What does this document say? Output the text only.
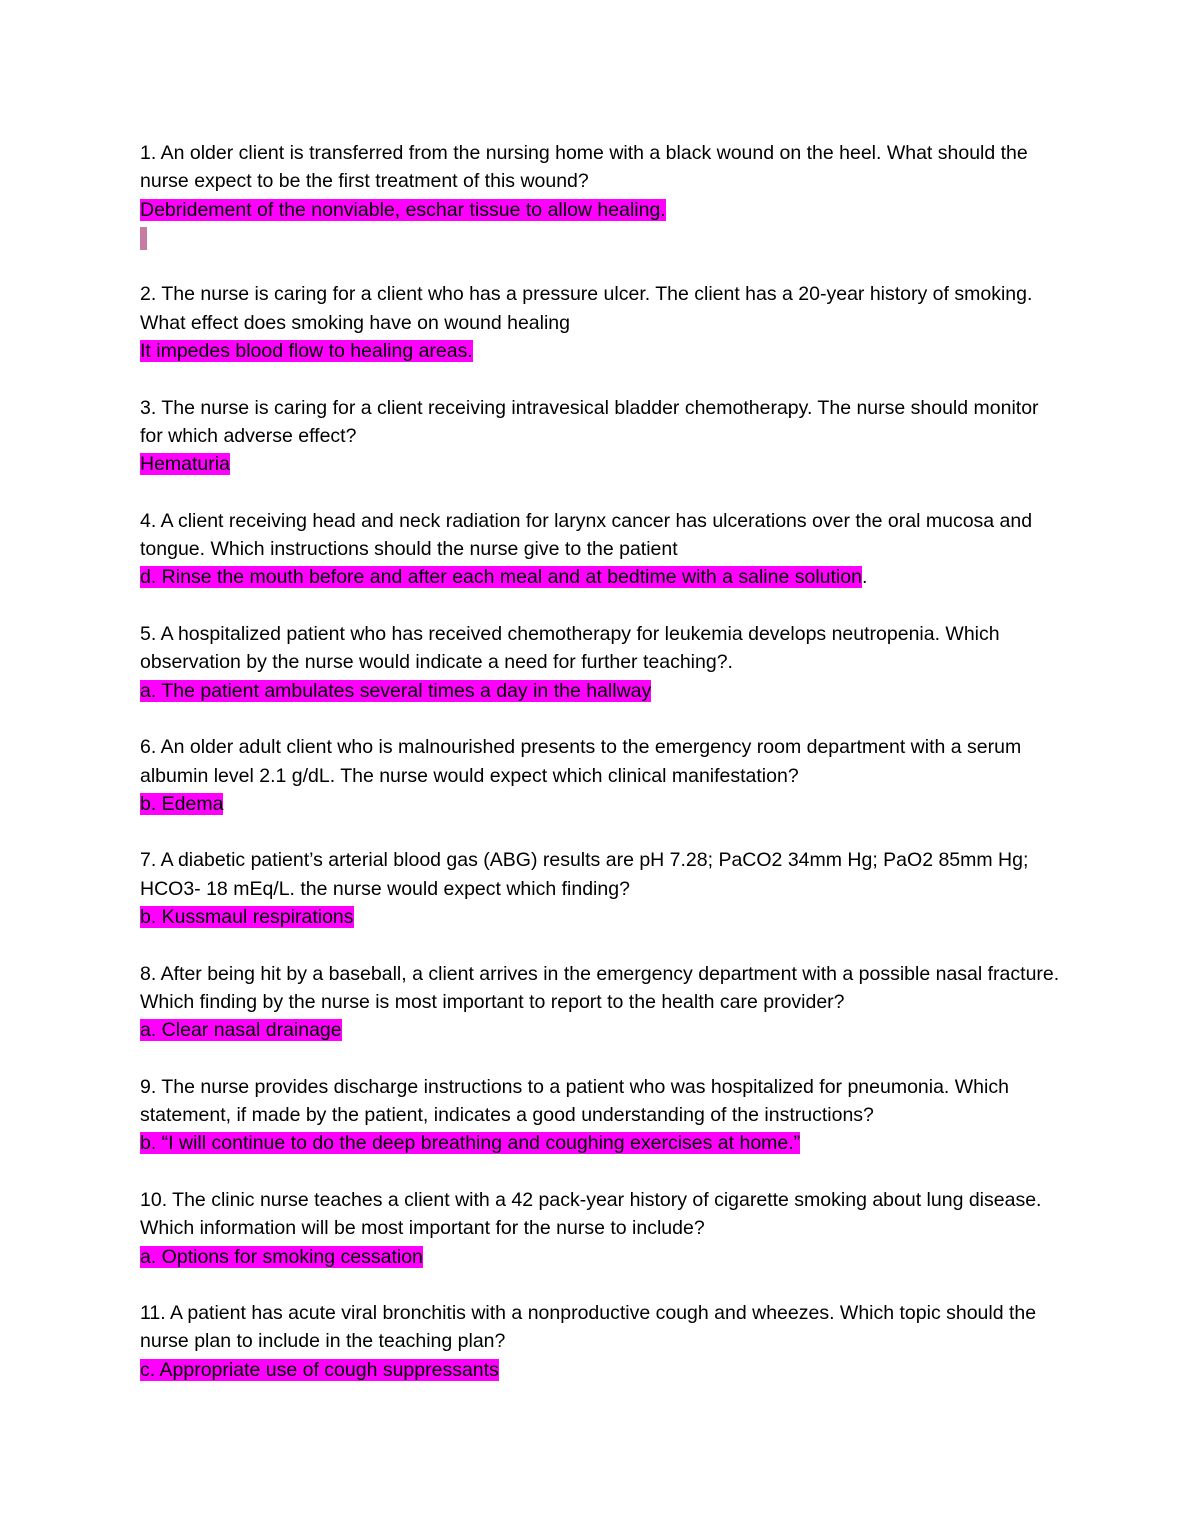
1. An older client is transferred from the nursing home with a black wound on the heel. What should the nurse expect to be the first treatment of this wound?

Debridement of the nonviable, eschar tissue to allow healing.

2. The nurse is caring for a client who has a pressure ulcer. The client has a 20-year history of smoking. What effect does smoking have on wound healing

It impedes blood flow to healing areas.

3. The nurse is caring for a client receiving intravesical bladder chemotherapy. The nurse should monitor for which adverse effect?

Hematuria

4. A client receiving head and neck radiation for larynx cancer has ulcerations over the oral mucosa and tongue. Which instructions should the nurse give to the patient

d. Rinse the mouth before and after each meal and at bedtime with a saline solution.

5. A hospitalized patient who has received chemotherapy for leukemia develops neutropenia. Which observation by the nurse would indicate a need for further teaching?.

a. The patient ambulates several times a day in the hallway

6. An older adult client who is malnourished presents to the emergency room department with a serum albumin level 2.1 g/dL. The nurse would expect which clinical manifestation?

b. Edema

7. A diabetic patient’s arterial blood gas (ABG) results are pH 7.28; PaCO2 34mm Hg; PaO2 85mm Hg; HCO3- 18 mEq/L. the nurse would expect which finding?

b. Kussmaul respirations

8. After being hit by a baseball, a client arrives in the emergency department with a possible nasal fracture. Which finding by the nurse is most important to report to the health care provider?

a. Clear nasal drainage

9. The nurse provides discharge instructions to a patient who was hospitalized for pneumonia. Which statement, if made by the patient, indicates a good understanding of the instructions?

b. “I will continue to do the deep breathing and coughing exercises at home.”

10. The clinic nurse teaches a client with a 42 pack-year history of cigarette smoking about lung disease. Which information will be most important for the nurse to include?

a. Options for smoking cessation

11. A patient has acute viral bronchitis with a nonproductive cough and wheezes. Which topic should the nurse plan to include in the teaching plan?

c. Appropriate use of cough suppressants
